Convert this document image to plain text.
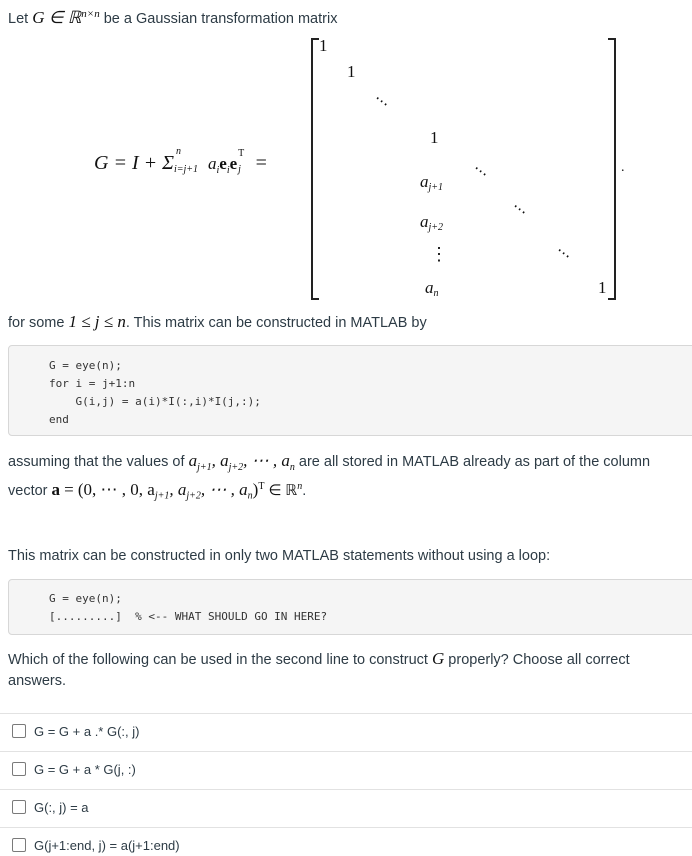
Let G ∈ ℝ$^{n\times n}$ be a Gaussian transformation matrix
G = I + Σ
n
i=j+1 $a_ie_ie$
T
j =
1
1
⋯
1
$a_{j+1}$
⋯
$a_{j+2}$
⋯
⋮	⋯
$a_n$	1
.
for some 1 ≤ j ≤ n. This matrix can be constructed in MATLAB by
G = eye(n);
for i = j+1:n
G(i,j) = a(i)*I(:,i)*I(j,:);
end
assuming that the values of $a_{j+1}$, $a_{j+2}$, ⋯ , $a_n$ are all stored in MATLAB already as part of the column
vector a = (0, ⋯ , 0, $a_{j+1}$, $a_{j+2}$, ⋯ , $a_n)^T$ ∈ ℝ$^n$.
This matrix can be constructed in only two MATLAB statements without using a loop:
G = eye(n);
[.........] % <-- WHAT SHOULD GO IN HERE?
Which of the following can be used in the second line to construct G properly? Choose all correct
answers.
G = G + a .* G(:, j)
G = G + a * G(j, :)
G(:, j) = a
G(j+1:end, j) = a(j+1:end)
